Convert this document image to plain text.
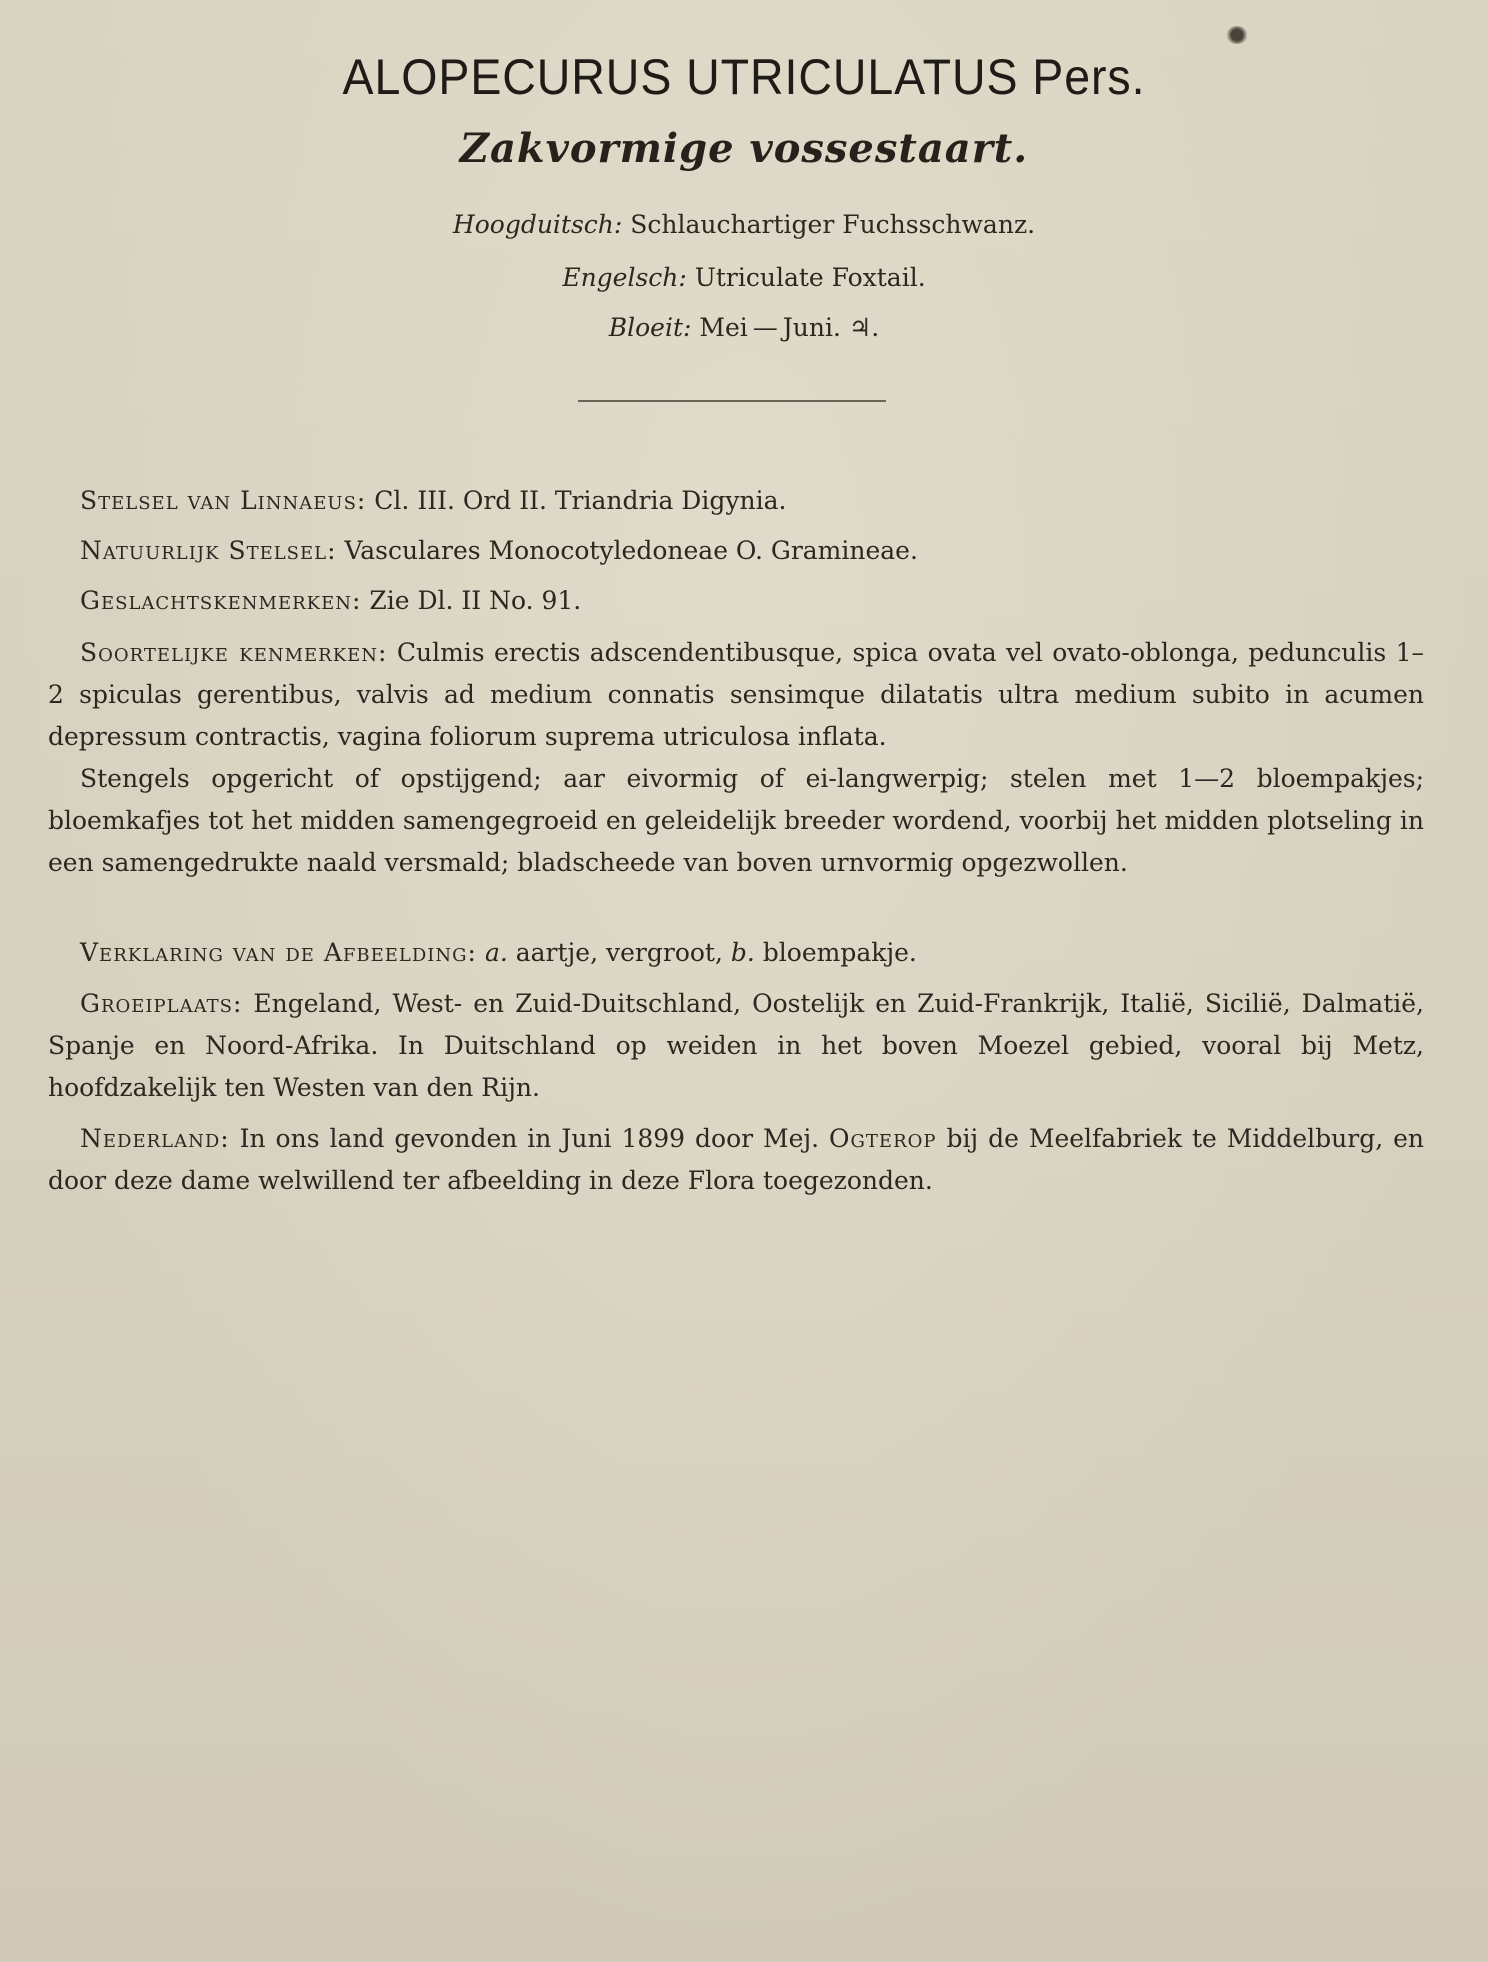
ALOPECURUS UTRICULATUS Pers.
Zakvormige vossestaart.
Hoogduitsch: Schlauchartiger Fuchsschwanz.
Engelsch: Utriculate Foxtail.
Bloeit: Mei — Juni. ♃.
Stelsel van Linnaeus: Cl. III. Ord II. Triandria Digynia.
Natuurlijk Stelsel: Vasculares Monocotyledoneae O. Gramineae.
Geslachtskenmerken: Zie Dl. II No. 91.
Soortelijke kenmerken: Culmis erectis adscendentibusque, spica ovata vel ovato-oblonga, pedunculis 1–2 spiculas gerentibus, valvis ad medium connatis sensimque dilatatis ultra medium subito in acumen depressum contractis, vagina foliorum suprema utriculosa inflata.
Stengels opgericht of opstijgend; aar eivormig of ei-langwerpig; stelen met 1—2 bloempakjes; bloemkafjes tot het midden samengegroeid en geleidelijk breeder wordend, voorbij het midden plotseling in een samengedrukte naald versmald; bladscheede van boven urnvormig opgezwollen.
Verklaring van de Afbeelding: a. aartje, vergroot, b. bloempakje.
Groeiplaats: Engeland, West- en Zuid-Duitschland, Oostelijk en Zuid-Frankrijk, Italië, Sicilië, Dalmatië, Spanje en Noord-Afrika. In Duitschland op weiden in het boven Moezel gebied, vooral bij Metz, hoofdzakelijk ten Westen van den Rijn.
Nederland: In ons land gevonden in Juni 1899 door Mej. Ogterop bij de Meelfabriek te Middelburg, en door deze dame welwillend ter afbeelding in deze Flora toegezonden.
